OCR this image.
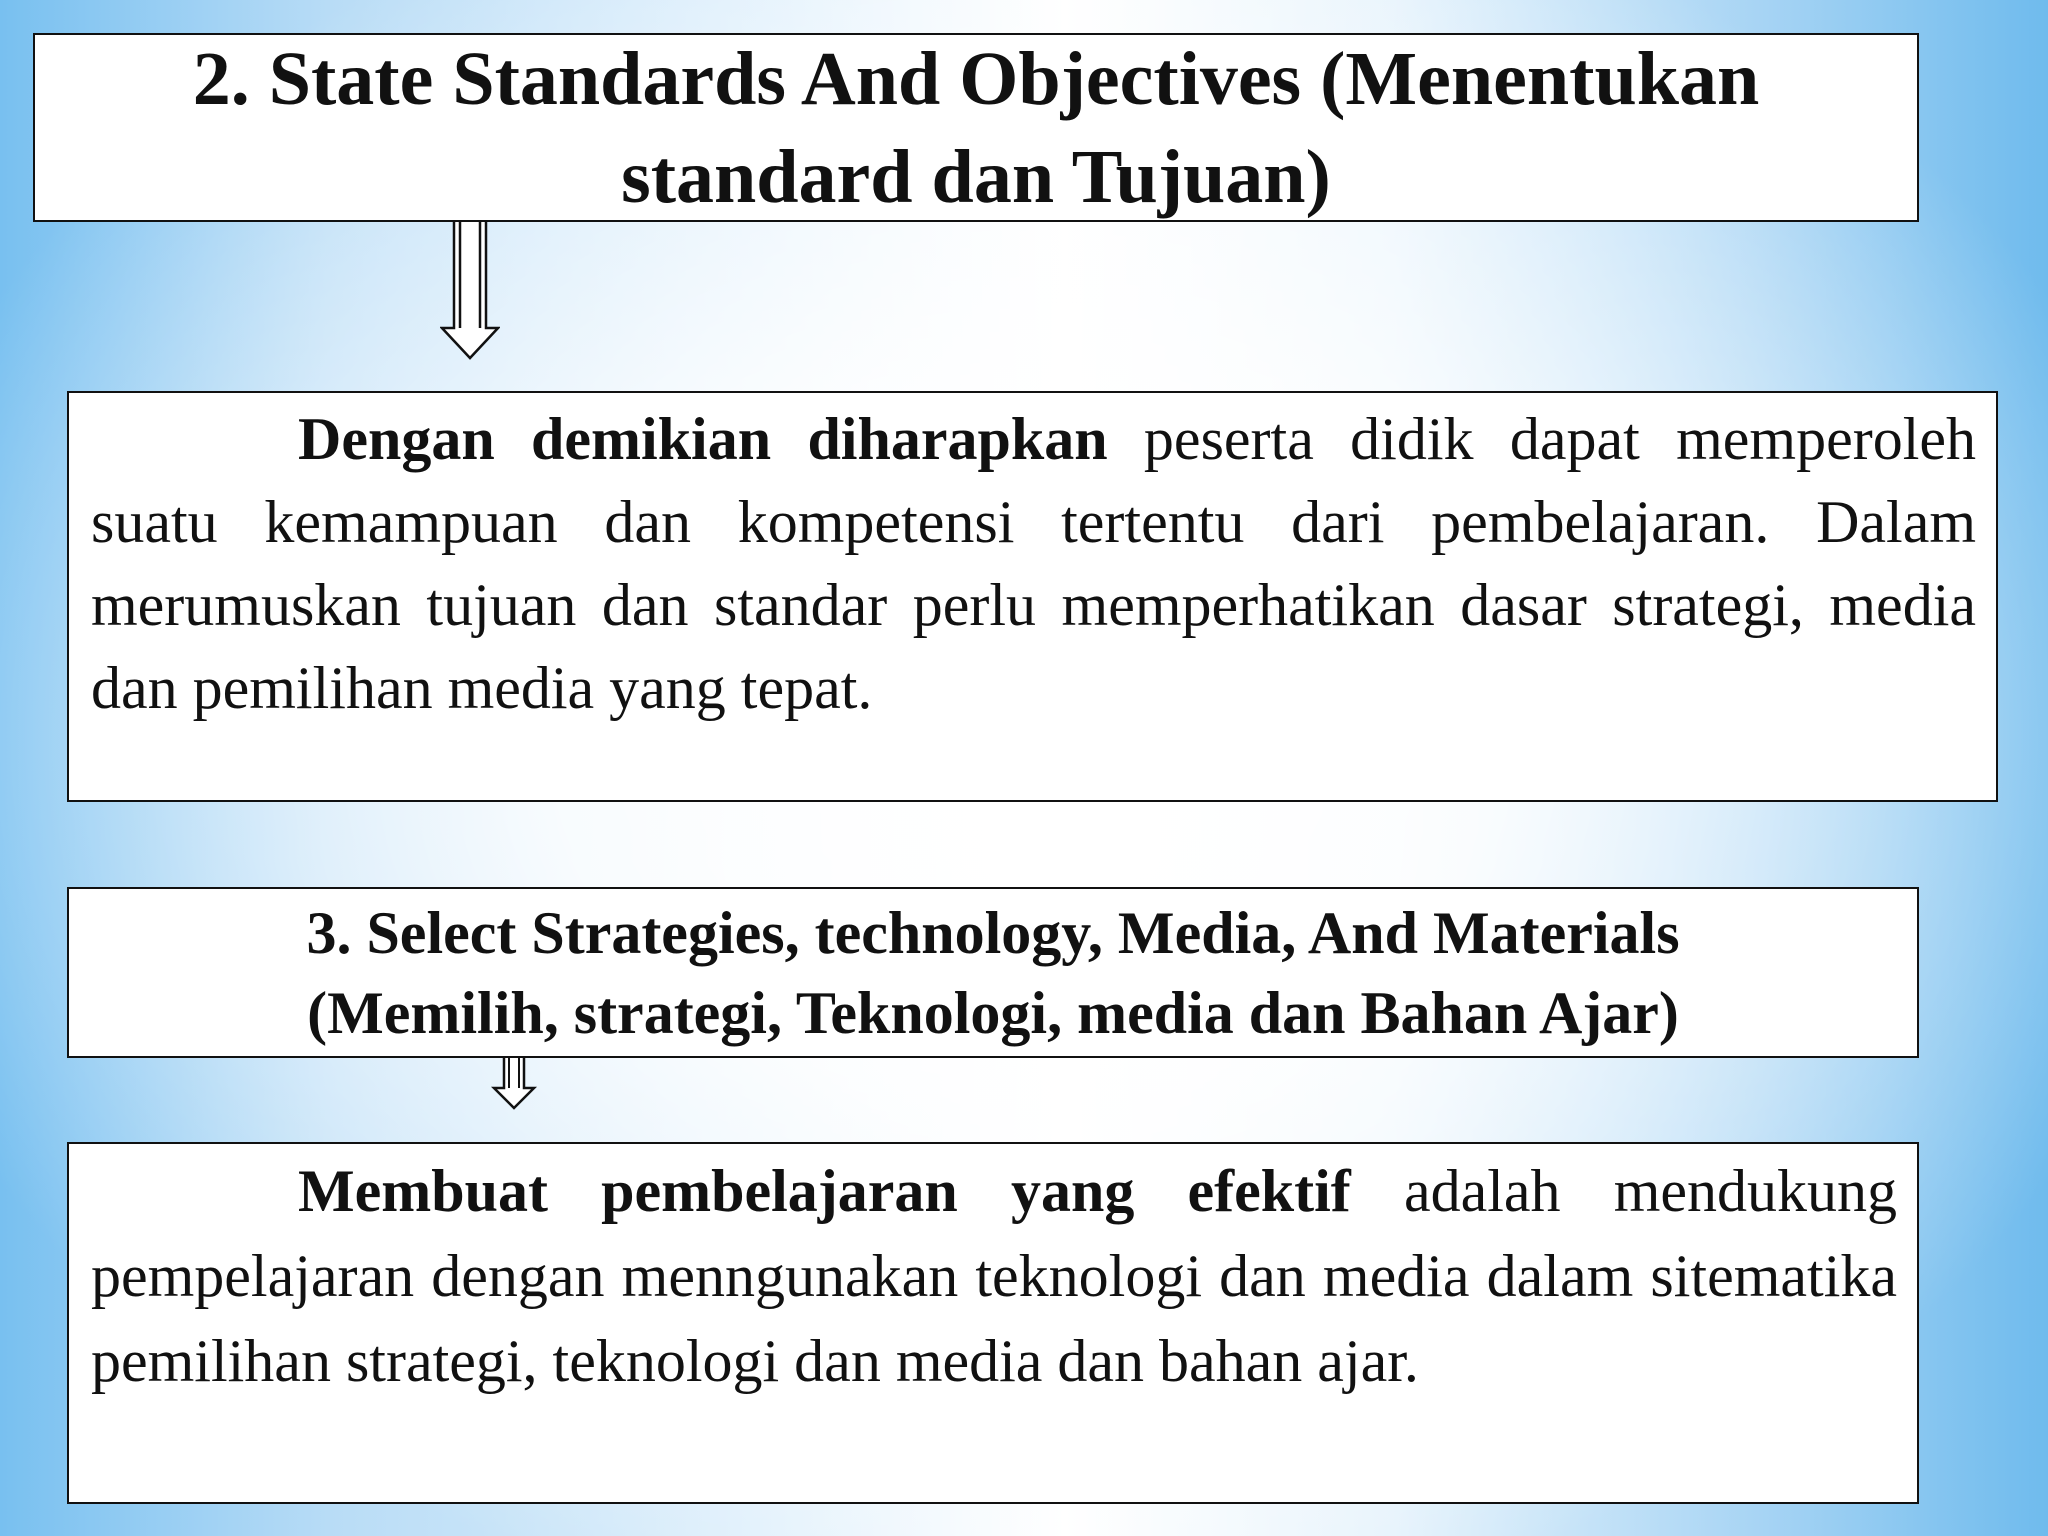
2. State Standards And Objectives (Menentukan standard dan Tujuan)
Dengan demikian diharapkan peserta didik dapat memperoleh suatu kemampuan dan kompetensi tertentu dari pembelajaran. Dalam merumuskan tujuan dan standar perlu memperhatikan dasar strategi, media dan pemilihan media yang tepat.
3. Select Strategies, technology, Media, And Materials (Memilih, strategi, Teknologi, media dan Bahan Ajar)
Membuat pembelajaran yang efektif adalah mendukung pempelajaran dengan menngunakan teknologi dan media dalam sitematika pemilihan strategi, teknologi dan media dan bahan ajar.
